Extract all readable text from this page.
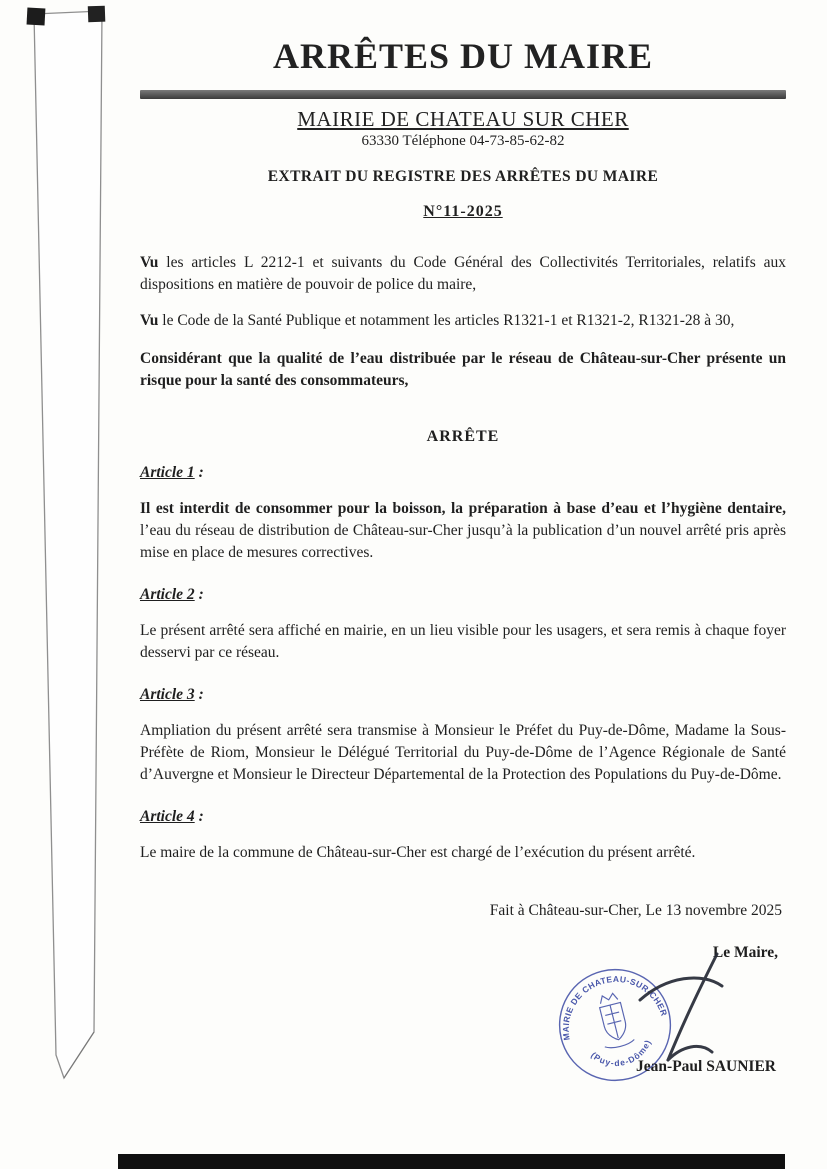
ARRÊTES DU MAIRE

MAIRIE DE CHATEAU SUR CHER

63330 Téléphone 04-73-85-62-82

EXTRAIT DU REGISTRE DES ARRÊTES DU MAIRE

N°11-2025

Vu les articles L 2212-1 et suivants du Code Général des Collectivités Territoriales, relatifs aux dispositions en matière de pouvoir de police du maire,

Vu le Code de la Santé Publique et notamment les articles R1321-1 et R1321-2, R1321-28 à 30,

Considérant que la qualité de l’eau distribuée par le réseau de Château-sur-Cher présente un risque pour la santé des consommateurs,

ARRÊTE

Article 1 :

Il est interdit de consommer pour la boisson, la préparation à base d’eau et l’hygiène dentaire, l’eau du réseau de distribution de Château-sur-Cher jusqu’à la publication d’un nouvel arrêté pris après mise en place de mesures correctives.

Article 2 :

Le présent arrêté sera affiché en mairie, en un lieu visible pour les usagers, et sera remis à chaque foyer desservi par ce réseau.

Article 3 :

Ampliation du présent arrêté sera transmise à Monsieur le Préfet du Puy-de-Dôme, Madame la Sous-Préfète de Riom, Monsieur le Délégué Territorial du Puy-de-Dôme de l’Agence Régionale de Santé d’Auvergne et Monsieur le Directeur Départemental de la Protection des Populations du Puy-de-Dôme.

Article 4 :

Le maire de la commune de Château-sur-Cher est chargé de l’exécution du présent arrêté.

Fait à Château-sur-Cher, Le 13 novembre 2025

Le Maire,

MAIRIE DE CHATEAU-SUR-CHER
(Puy-de-Dôme)

Jean-Paul SAUNIER
